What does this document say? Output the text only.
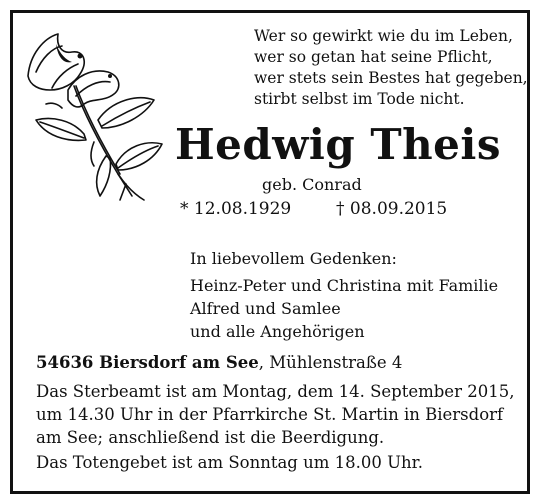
Wer so gewirkt wie du im Leben,
wer so getan hat seine Pflicht,
wer stets sein Bestes hat gegeben,
stirbt selbst im Tode nicht.
Hedwig Theis
geb. Conrad
* 12.08.1929	† 08.09.2015
In liebevollem Gedenken:
Heinz-Peter und Christina mit Familie
Alfred und Samlee
und alle Angehörigen
54636 Biersdorf am See, Mühlenstraße 4
Das Sterbeamt ist am Montag, dem 14. September 2015,
um 14.30 Uhr in der Pfarrkirche St. Martin in Biersdorf
am See; anschließend ist die Beerdigung.
Das Totengebet ist am Sonntag um 18.00 Uhr.
